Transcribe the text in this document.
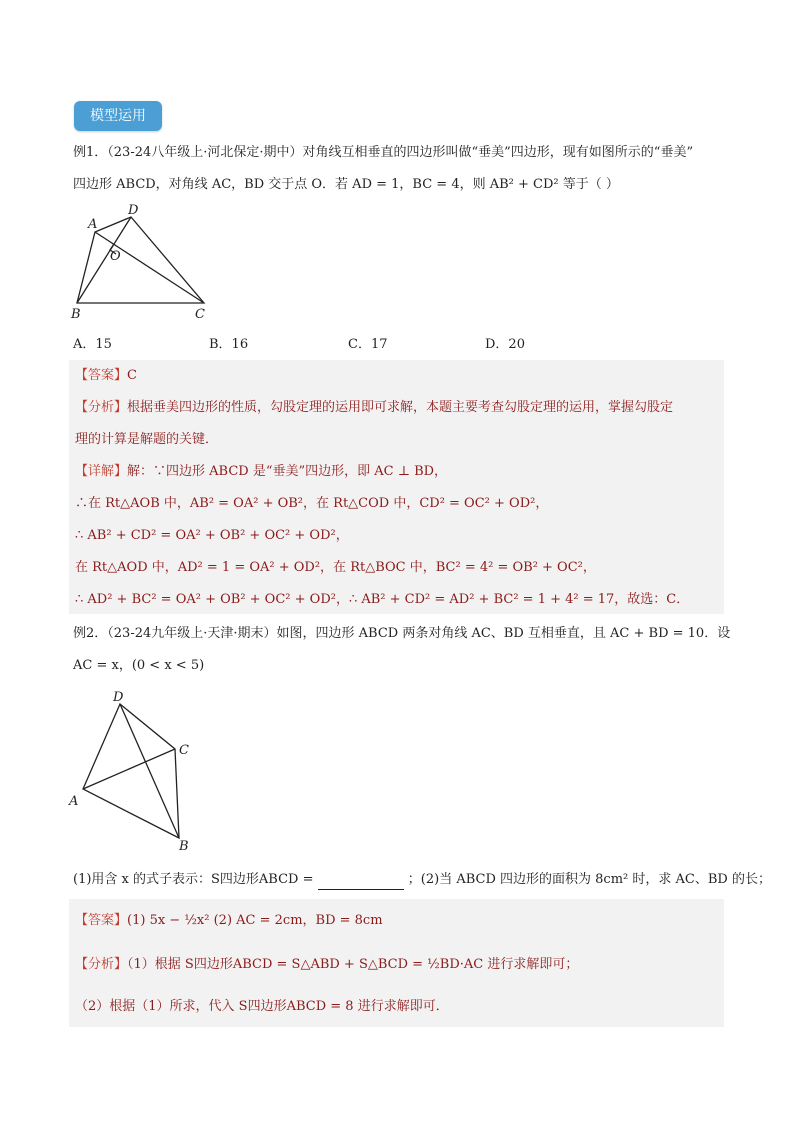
模型运用
例1．（23-24八年级上·河北保定·期中）对角线互相垂直的四边形叫做“垂美”四边形，现有如图所示的“垂美”
四边形 ABCD，对角线 AC，BD 交于点 O．若 AD = 1，BC = 4，则 AB² + CD² 等于（ ）
A
D
O
B	C
A．15	B．16	C．17	D．20
【答案】C
【分析】根据垂美四边形的性质，勾股定理的运用即可求解，本题主要考查勾股定理的运用，掌握勾股定
理的计算是解题的关键．
【详解】解：∵四边形 ABCD 是“垂美”四边形，即 AC ⊥ BD，
∴在 Rt△AOB 中，AB² = OA² + OB²，在 Rt△COD 中，CD² = OC² + OD²，
∴ AB² + CD² = OA² + OB² + OC² + OD²，
在 Rt△AOD 中，AD² = 1 = OA² + OD²，在 Rt△BOC 中，BC² = 4² = OB² + OC²，
∴ AD² + BC² = OA² + OB² + OC² + OD²，∴ AB² + CD² = AD² + BC² = 1 + 4² = 17，故选：C．
例2．（23-24九年级上·天津·期末）如图，四边形 ABCD 两条对角线 AC、BD 互相垂直，且 AC + BD = 10．设
AC = x，(0 < x < 5)
D
C
A
B
(1)用含 x 的式子表示：S四边形ABCD =	；(2)当 ABCD 四边形的面积为 8cm² 时，求 AC、BD 的长；
【答案】(1) 5x − ½x² (2) AC = 2cm，BD = 8cm
【分析】（1）根据 S四边形ABCD = S△ABD + S△BCD = ½BD·AC 进行求解即可；
（2）根据（1）所求，代入 S四边形ABCD = 8 进行求解即可．
